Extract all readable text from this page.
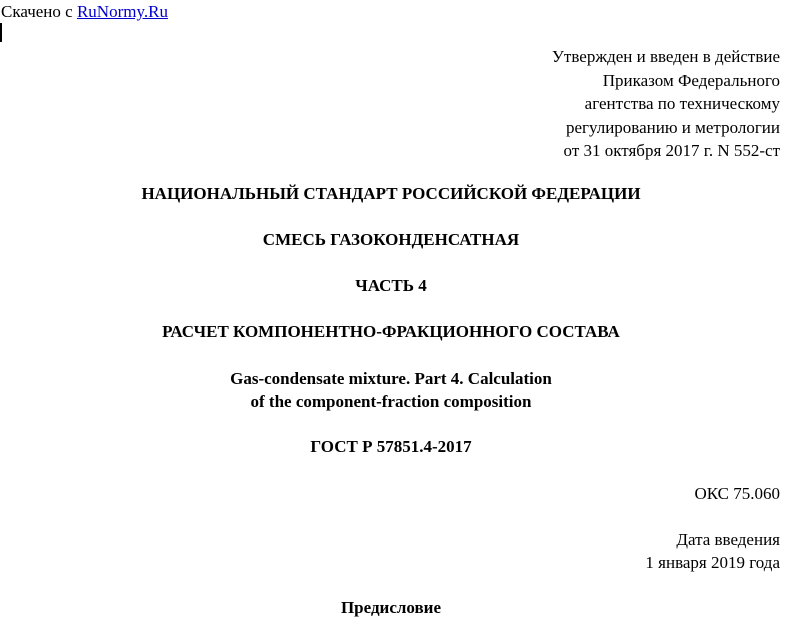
Скачено с RuNormy.Ru
Утвержден и введен в действие
Приказом Федерального
агентства по техническому
регулированию и метрологии
от 31 октября 2017 г. N 552-ст
НАЦИОНАЛЬНЫЙ СТАНДАРТ РОССИЙСКОЙ ФЕДЕРАЦИИ
СМЕСЬ ГАЗОКОНДЕНСАТНАЯ
ЧАСТЬ 4
РАСЧЕТ КОМПОНЕНТНО-ФРАКЦИОННОГО СОСТАВА
Gas-condensate mixture. Part 4. Calculation
of the component-fraction composition
ГОСТ Р 57851.4-2017
ОКС 75.060
Дата введения
1 января 2019 года
Предисловие
